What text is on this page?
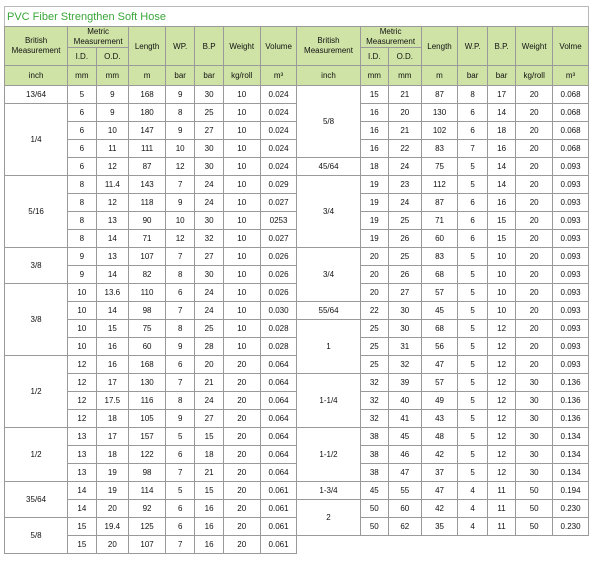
PVC Fiber Strengthen Soft Hose
British Measurement	Metric Measurement		Length	WP.	B.P	Weight	Volume	British Measurement	Metric Measurement		Length	W.P.	B.P.	Weight	Volme
	I.D.	O.D.							I.D.	O.D.					
inch	mm	mm	m	bar	bar	kg/roll	m³	inch	mm	mm	m	bar	bar	kg/roll	m³
13/64	5	9	168	9	30	10	0.024	5/8	15	21	87	8	17	20	0.068
1/4	6	9	180	8	25	10	0.024		16	20	130	6	14	20	0.068
	6	10	147	9	27	10	0.024		16	21	102	6	18	20	0.068
	6	11	111	10	30	10	0.024		16	22	83	7	16	20	0.068
	6	12	87	12	30	10	0.024	45/64	18	24	75	5	14	20	0.093
5/16	8	11.4	143	7	24	10	0.029	3/4	19	23	112	5	14	20	0.093
	8	12	118	9	24	10	0.027		19	24	87	6	16	20	0.093
	8	13	90	10	30	10	0253		19	25	71	6	15	20	0.093
	8	14	71	12	32	10	0.027		19	26	60	6	15	20	0.093
3/8	9	13	107	7	27	10	0.026	3/4	20	25	83	5	10	20	0.093
	9	14	82	8	30	10	0.026		20	26	68	5	10	20	0.093
3/8	10	13.6	110	6	24	10	0.026		20	27	57	5	10	20	0.093
	10	14	98	7	24	10	0.030	55/64	22	30	45	5	10	20	0.093
	10	15	75	8	25	10	0.028	1	25	30	68	5	12	20	0.093
	10	16	60	9	28	10	0.028		25	31	56	5	12	20	0.093
1/2	12	16	168	6	20	20	0.064		25	32	47	5	12	20	0.093
	12	17	130	7	21	20	0.064	1-1/4	32	39	57	5	12	30	0.136
	12	17.5	116	8	24	20	0.064		32	40	49	5	12	30	0.136
	12	18	105	9	27	20	0.064		32	41	43	5	12	30	0.136
1/2	13	17	157	5	15	20	0.064	1-1/2	38	45	48	5	12	30	0.134
	13	18	122	6	18	20	0.064		38	46	42	5	12	30	0.134
	13	19	98	7	21	20	0.064		38	47	37	5	12	30	0.134
35/64	14	19	114	5	15	20	0.061	1-3/4	45	55	47	4	11	50	0.194
	14	20	92	6	16	20	0.061	2	50	60	42	4	11	50	0.230
5/8	15	19.4	125	6	16	20	0.061		50	62	35	4	11	50	0.230
	15	20	107	7	16	20	0.061								
